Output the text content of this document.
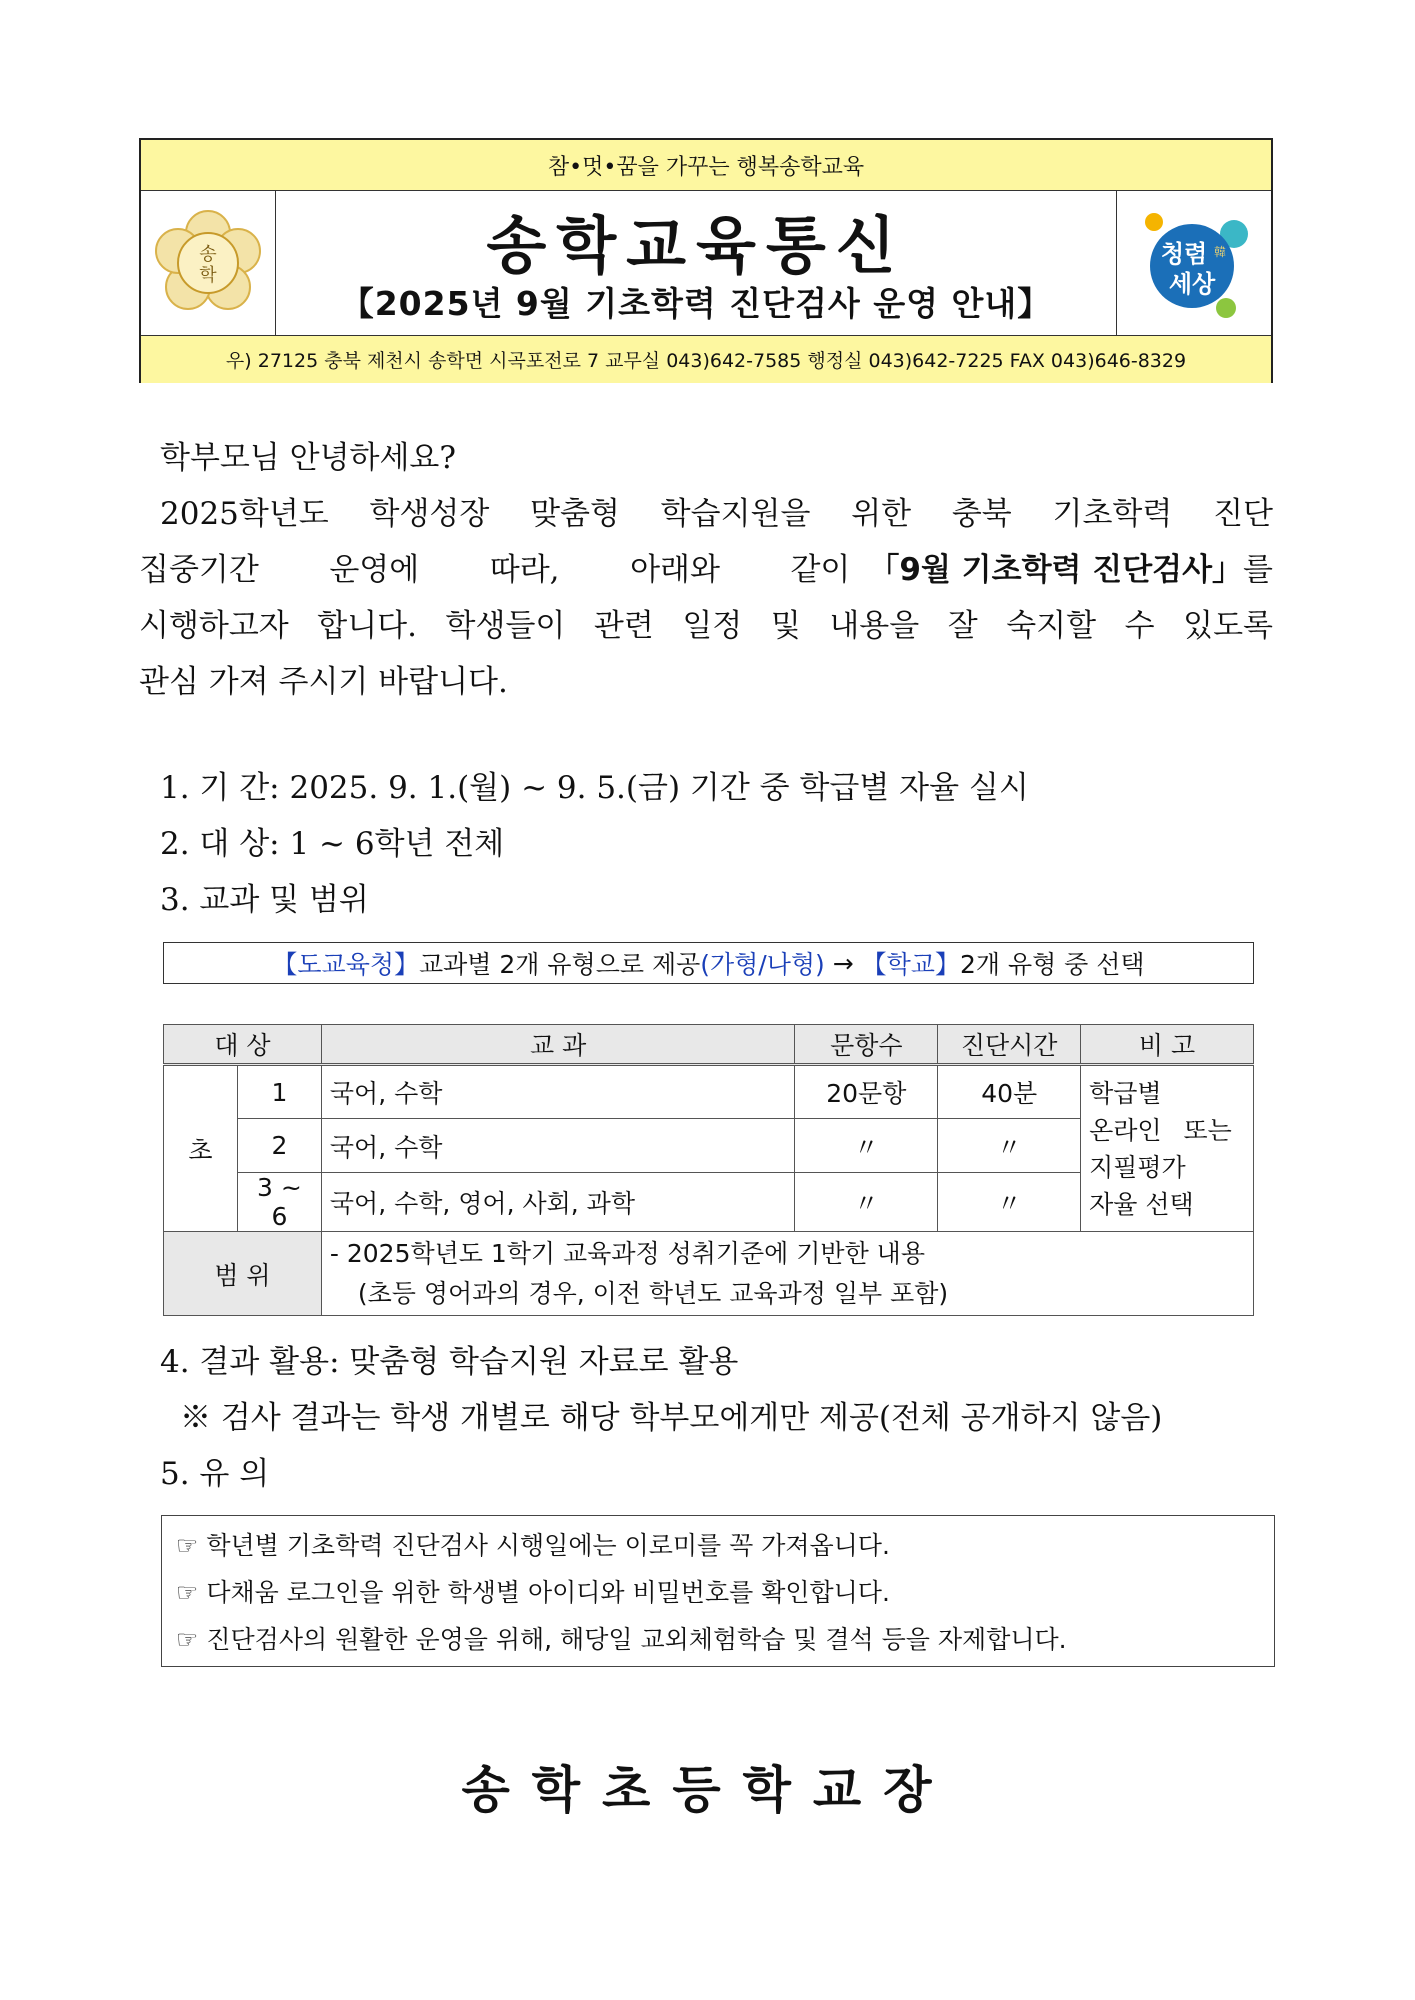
참•멋•꿈을 가꾸는 행복송학교육
송
학	송학교육통신
【2025년 9월 기초학력 진단검사 운영 안내】
청렴 韓
세상
우) 27125 충북 제천시 송학면 시곡포전로 7 교무실 043)642-7585 행정실 043)642-7225 FAX 043)646-8329
학부모님 안녕하세요?
2025학년도 학생성장 맞춤형 학습지원을 위한 충북 기초학력 진단
집중기간 운영에 따라, 아래와 같이 「9월 기초학력 진단검사」 를
시행하고자 합니다. 학생들이 관련 일정 및 내용을 잘 숙지할 수 있도록
관심 가져 주시기 바랍니다.
1. 기 간: 2025. 9. 1.(월) ~ 9. 5.(금) 기간 중 학급별 자율 실시
2. 대 상: 1 ~ 6학년 전체
3. 교과 및 범위
【도교육청】 교과별 2개 유형으로 제공 (가형/나형) → 【학교】 2개 유형 중 선택
대 상		교 과	문항수	진단시간	비 고
초	1	국어, 수학	20문항	40분	학급별
온라인 또는
지필평가
자율 선택

	2	국어, 수학	〃	〃	
	3 ~ 6	국어, 수학, 영어, 사회, 과학	〃	〃	
범 위		- 2025학년도 1학기 교육과정 성취기준에 기반한 내용
(초등 영어과의 경우, 이전 학년도 교육과정 일부 포함)			
4. 결과 활용: 맞춤형 학습지원 자료로 활용
※ 검사 결과는 학생 개별로 해당 학부모에게만 제공(전체 공개하지 않음)
5. 유 의
☞ 학년별 기초학력 진단검사 시행일에는 이로미를 꼭 가져옵니다.
☞ 다채움 로그인을 위한 학생별 아이디와 비밀번호를 확인합니다.
☞ 진단검사의 원활한 운영을 위해, 해당일 교외체험학습 및 결석 등을 자제합니다.
송학초등학교장
